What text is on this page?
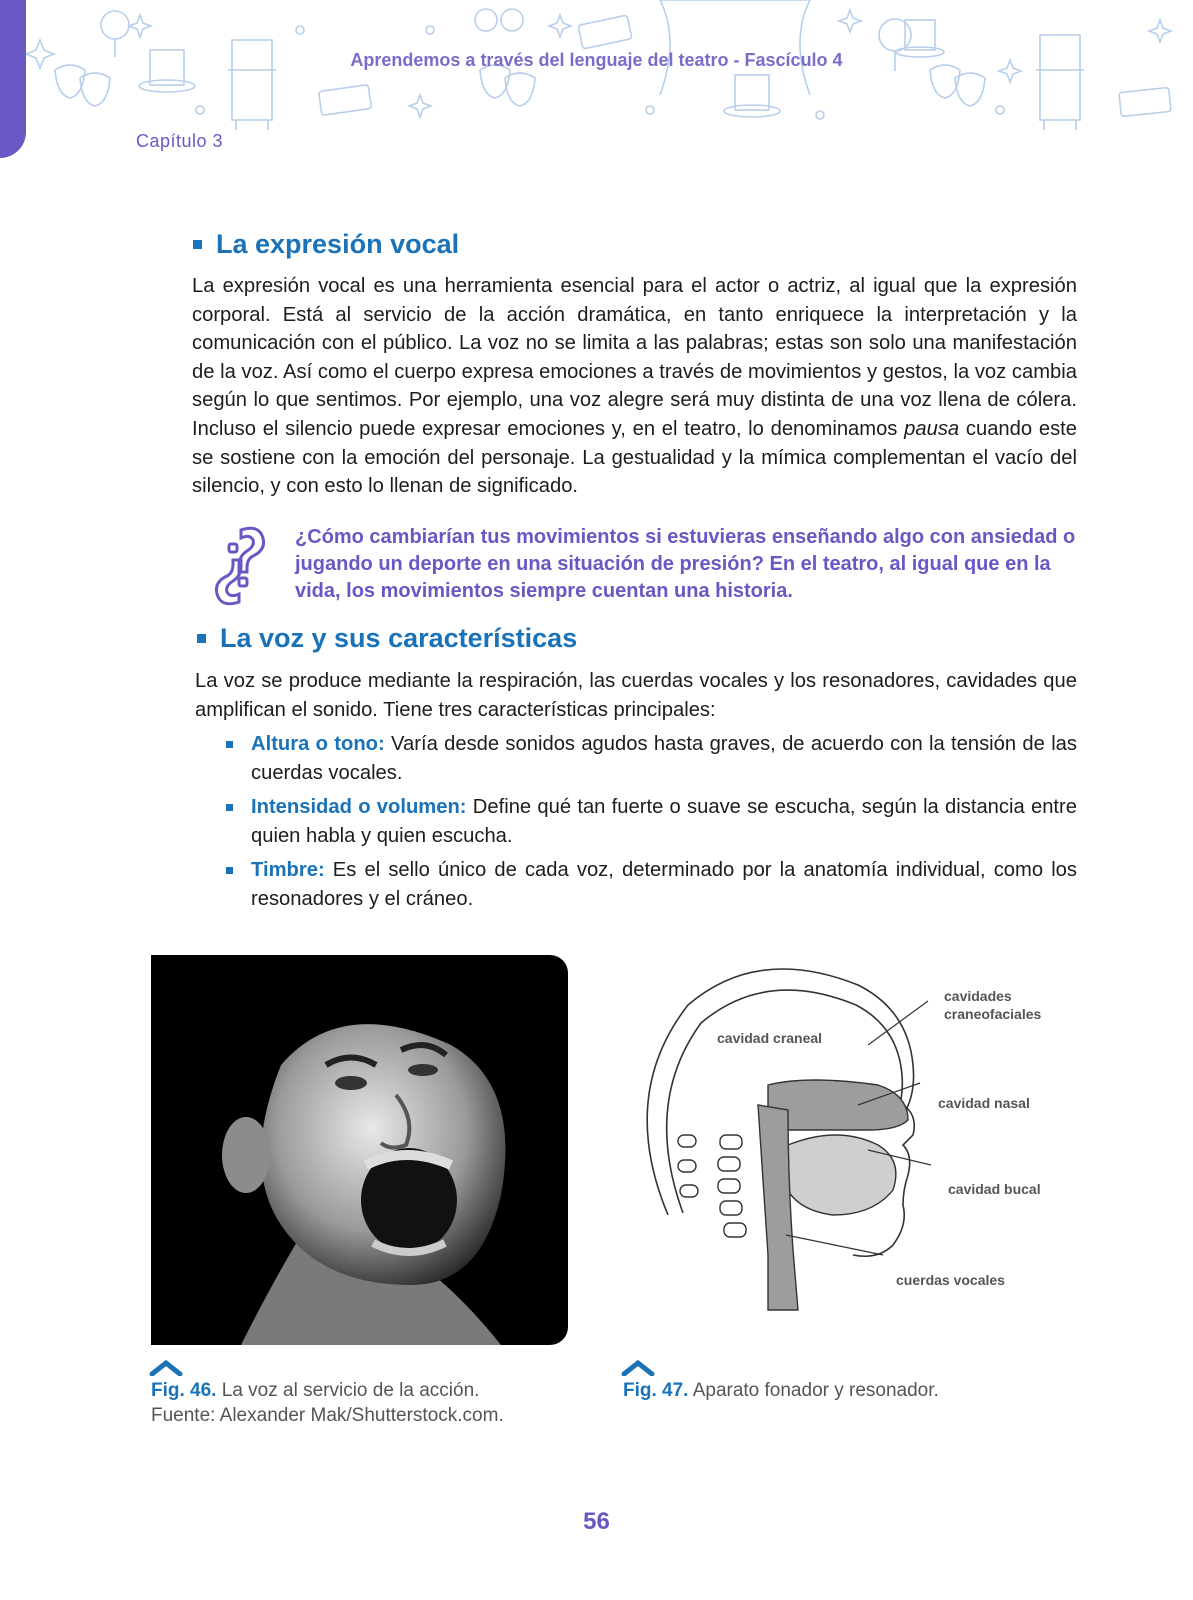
Aprendemos a través del lenguaje del teatro - Fascículo 4
Capítulo 3
La expresión vocal
La expresión vocal es una herramienta esencial para el actor o actriz, al igual que la expresión corporal. Está al servicio de la acción dramática, en tanto enriquece la interpretación y la comunicación con el público. La voz no se limita a las palabras; estas son solo una manifestación de la voz. Así como el cuerpo expresa emociones a través de movimientos y gestos, la voz cambia según lo que sentimos. Por ejemplo, una voz alegre será muy distinta de una voz llena de cólera. Incluso el silencio puede expresar emociones y, en el teatro, lo denominamos pausa cuando este se sostiene con la emoción del personaje. La gestualidad y la mímica complementan el vacío del silencio, y con esto lo llenan de significado.
¿Cómo cambiarían tus movimientos si estuvieras enseñando algo con ansiedad o jugando un deporte en una situación de presión? En el teatro, al igual que en la vida, los movimientos siempre cuentan una historia.
La voz y sus características
La voz se produce mediante la respiración, las cuerdas vocales y los resonadores, cavidades que amplifican el sonido. Tiene tres características principales:
Altura o tono: Varía desde sonidos agudos hasta graves, de acuerdo con la tensión de las cuerdas vocales.
Intensidad o volumen: Define qué tan fuerte o suave se escucha, según la distancia entre quien habla y quien escucha.
Timbre: Es el sello único de cada voz, determinado por la anatomía individual, como los resonadores y el cráneo.
cavidades
craneofaciales
cavidad craneal
cavidad nasal
cavidad bucal
cuerdas vocales
Fig. 46. La voz al servicio de la acción.
Fuente: Alexander Mak/Shutterstock.com.
Fig. 47. Aparato fonador y resonador.
56
